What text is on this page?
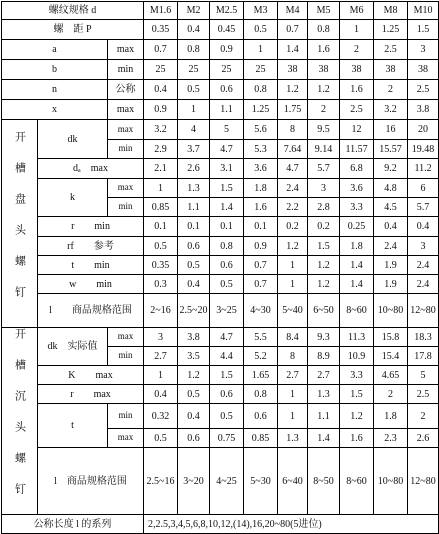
螺纹规格 d			M1.6	M2	M2.5	M3	M4	M5	M6	M8	M10
螺　距 P			0.35	0.4	0.45	0.5	0.7	0.8	1	1.25	1.5
a		max	0.7	0.8	0.9	1	1.4	1.6	2	2.5	3
b		min	25	25	25	25	38	38	38	38	38
n		公称	0.4	0.5	0.6	0.8	1.2	1.2	1.6	2	2.5
x		max	0.9	1	1.1	1.25	1.75	2	2.5	3.2	3.8
开槽盘头螺钉	dk	max	3.2	4	5	5.6	8	9.5	12	16	20
		min	2.9	3.7	4.7	5.3	7.64	9.14	11.57	15.57	19.48
	dₐ　max		2.1	2.6	3.1	3.6	4.7	5.7	6.8	9.2	11.2
	k	max	1	1.3	1.5	1.8	2.4	3	3.6	4.8	6
		min	0.85	1.1	1.4	1.6	2.2	2.8	3.3	4.5	5.7
	r　　min		0.1	0.1	0.1	0.1	0.2	0.2	0.25	0.4	0.4
	rf　　参考		0.5	0.6	0.8	0.9	1.2	1.5	1.8	2.4	3
	t　　min		0.35	0.5	0.6	0.7	1	1.2	1.4	1.9	2.4
	w　　min		0.3	0.4	0.5	0.7	1	1.2	1.4	1.9	2.4
	l　　商品规格范围		2~16	2.5~20	3~25	4~30	5~40	6~50	8~60	10~80	12~80
开槽沉头螺钉	dk　实际值	max	3	3.8	4.7	5.5	8.4	9.3	11.3	15.8	18.3
		min	2.7	3.5	4.4	5.2	8	8.9	10.9	15.4	17.8
	K　　max		1	1.2	1.5	1.65	2.7	2.7	3.3	4.65	5
	r　　max		0.4	0.5	0.6	0.8	1	1.3	1.5	2	2.5
	t	min	0.32	0.4	0.5	0.6	1	1.1	1.2	1.8	2
		max	0.5	0.6	0.75	0.85	1.3	1.4	1.6	2.3	2.6
	l　商品规格范围		2.5~16	3~20	4~25	5~30	6~40	8~50	8~60	10~80	12~80
公称长度 l 的系列			2,2.5,3,4,5,6,8,10,12,(14),16,20~80(5进位)								
